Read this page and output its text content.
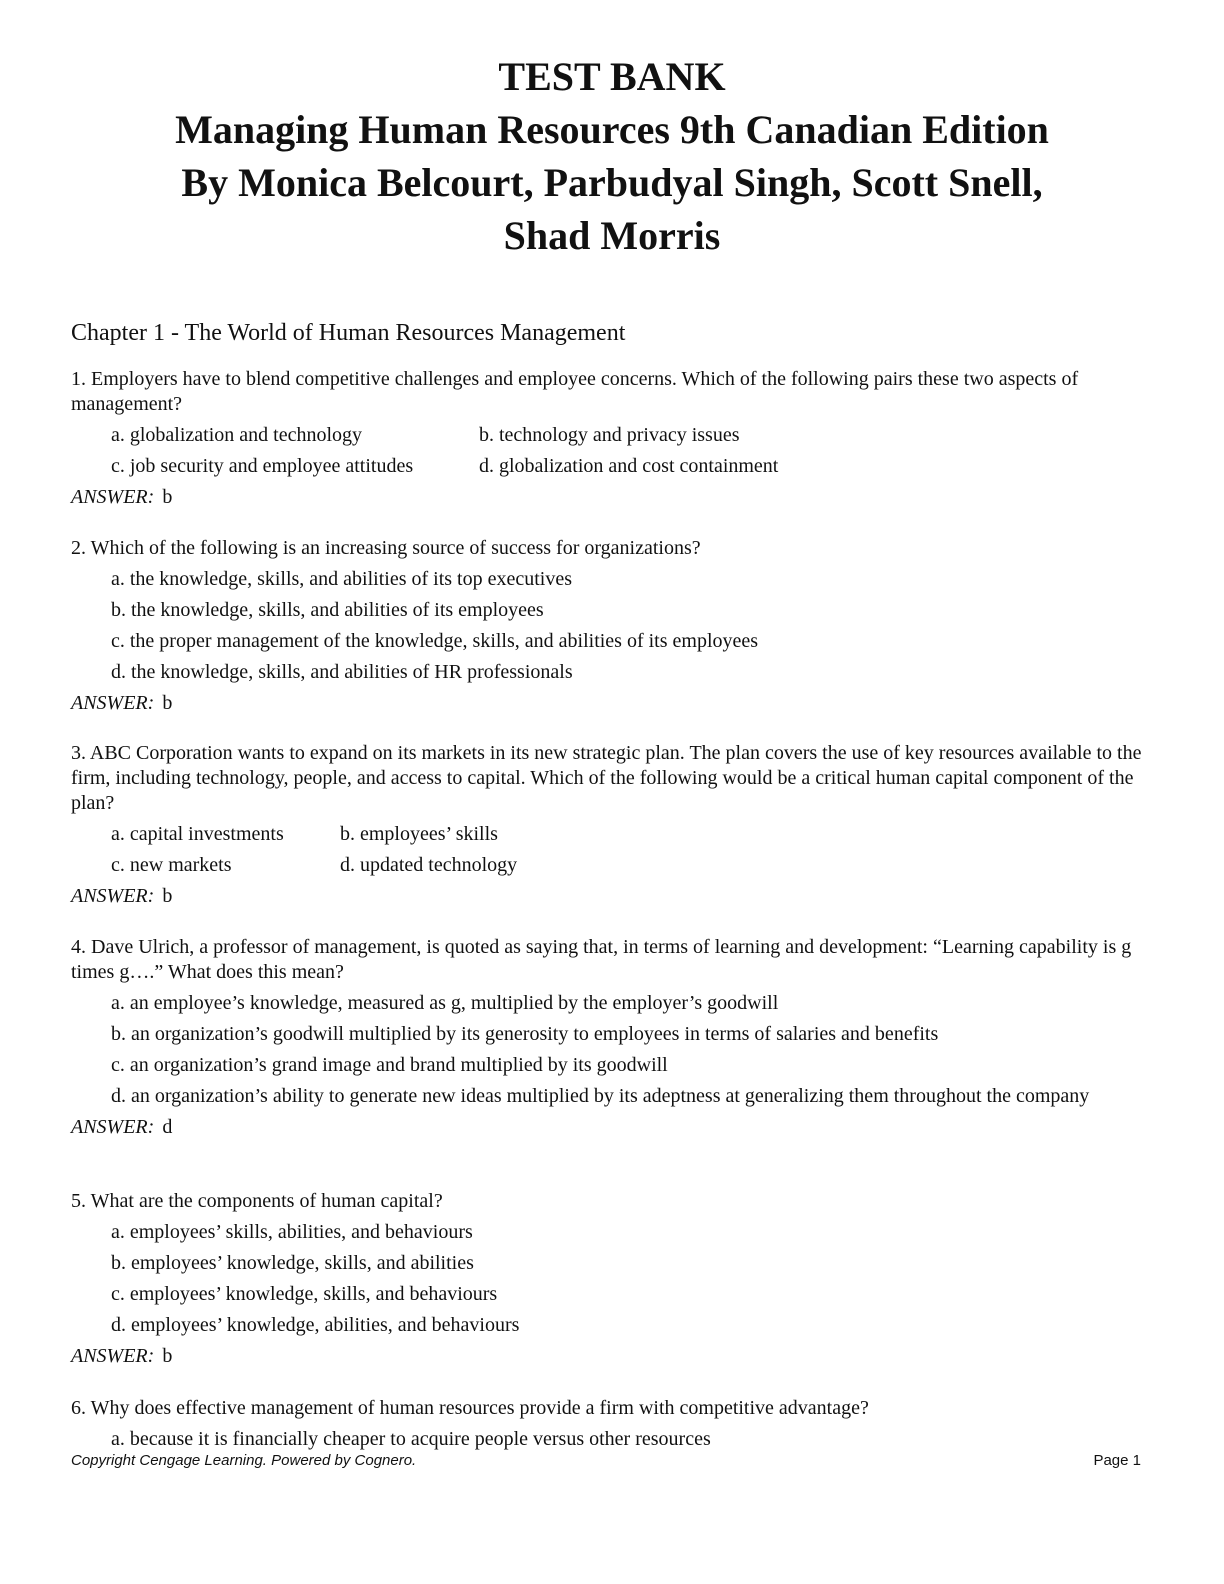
TEST BANK
Managing Human Resources 9th Canadian Edition
By Monica Belcourt, Parbudyal Singh, Scott Snell,
Shad Morris
Chapter 1 - The World of Human Resources Management

1. Employers have to blend competitive challenges and employee concerns. Which of the following pairs these two aspects of management?

a. globalization and technology	b. technology and privacy issues
c. job security and employee attitudes	d. globalization and cost containment
ANSWER: b

2. Which of the following is an increasing source of success for organizations?

a. the knowledge, skills, and abilities of its top executives
b. the knowledge, skills, and abilities of its employees
c. the proper management of the knowledge, skills, and abilities of its employees
d. the knowledge, skills, and abilities of HR professionals
ANSWER: b

3. ABC Corporation wants to expand on its markets in its new strategic plan. The plan covers the use of key resources available to the firm, including technology, people, and access to capital. Which of the following would be a critical human capital component of the plan?

a. capital investments	b. employees’ skills
c. new markets	d. updated technology
ANSWER: b

4. Dave Ulrich, a professor of management, is quoted as saying that, in terms of learning and development: “Learning capability is g times g….” What does this mean?

a. an employee’s knowledge, measured as g, multiplied by the employer’s goodwill
b. an organization’s goodwill multiplied by its generosity to employees in terms of salaries and benefits
c. an organization’s grand image and brand multiplied by its goodwill
d. an organization’s ability to generate new ideas multiplied by its adeptness at generalizing them throughout the company
ANSWER: d

5. What are the components of human capital?

a. employees’ skills, abilities, and behaviours
b. employees’ knowledge, skills, and abilities
c. employees’ knowledge, skills, and behaviours
d. employees’ knowledge, abilities, and behaviours
ANSWER: b

6. Why does effective management of human resources provide a firm with competitive advantage?

a. because it is financially cheaper to acquire people versus other resources
Copyright Cengage Learning. Powered by Cognero.	Page 1
